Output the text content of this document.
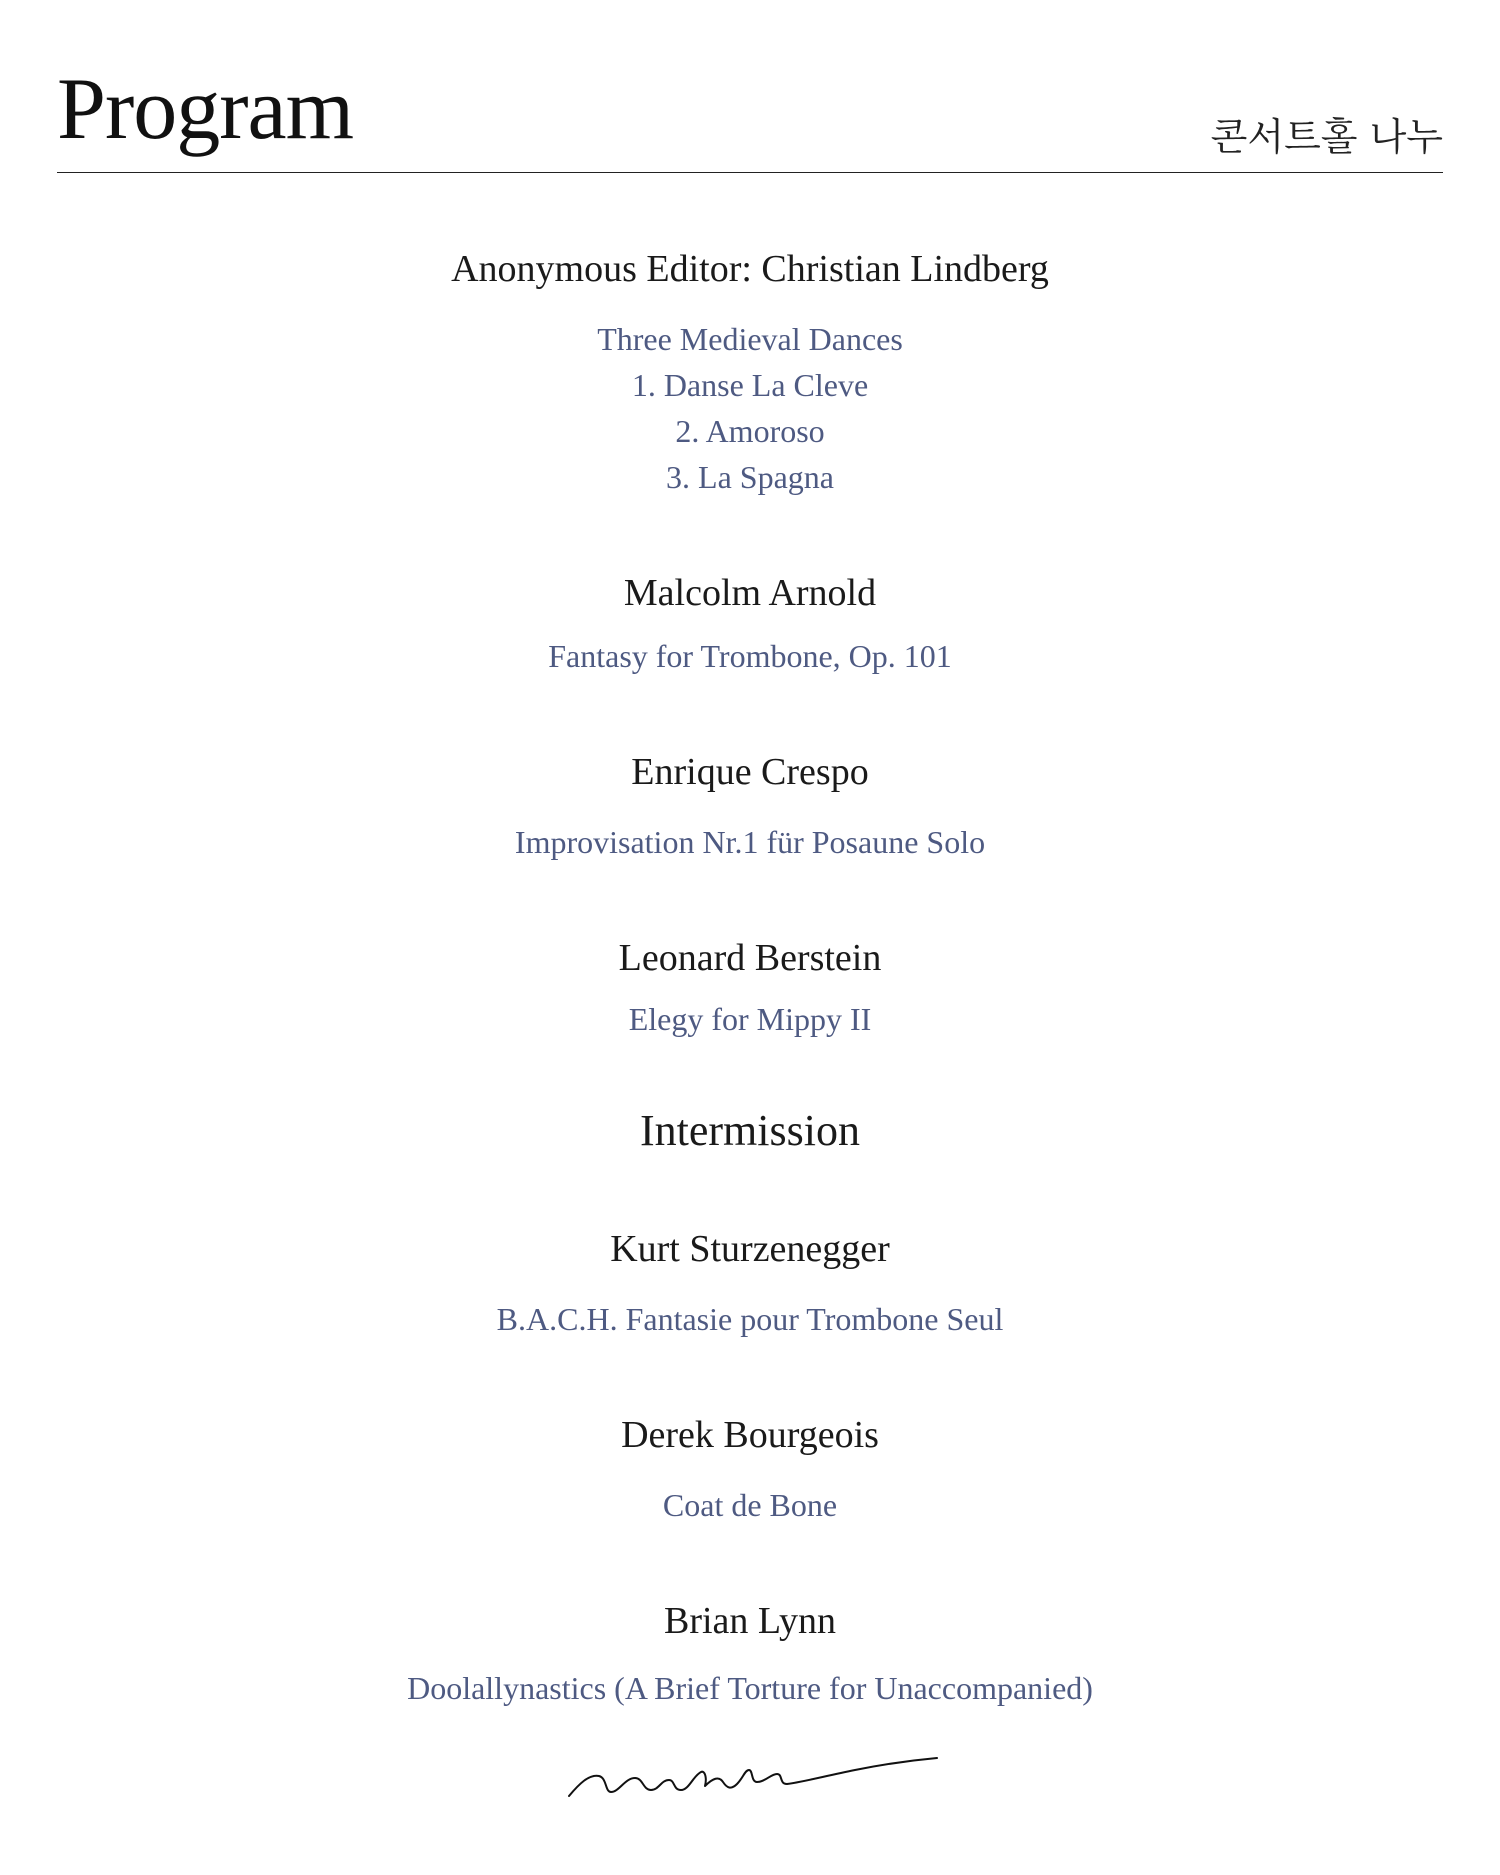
Program	콘서트홀 나누
Anonymous Editor: Christian Lindberg
Three Medieval Dances
1. Danse La Cleve
2. Amoroso
3. La Spagna
Malcolm Arnold
Fantasy for Trombone, Op. 101
Enrique Crespo
Improvisation Nr.1 für Posaune Solo
Leonard Berstein
Elegy for Mippy II
Intermission
Kurt Sturzenegger
B.A.C.H. Fantasie pour Trombone Seul
Derek Bourgeois
Coat de Bone
Brian Lynn
Doolallynastics (A Brief Torture for Unaccompanied)
